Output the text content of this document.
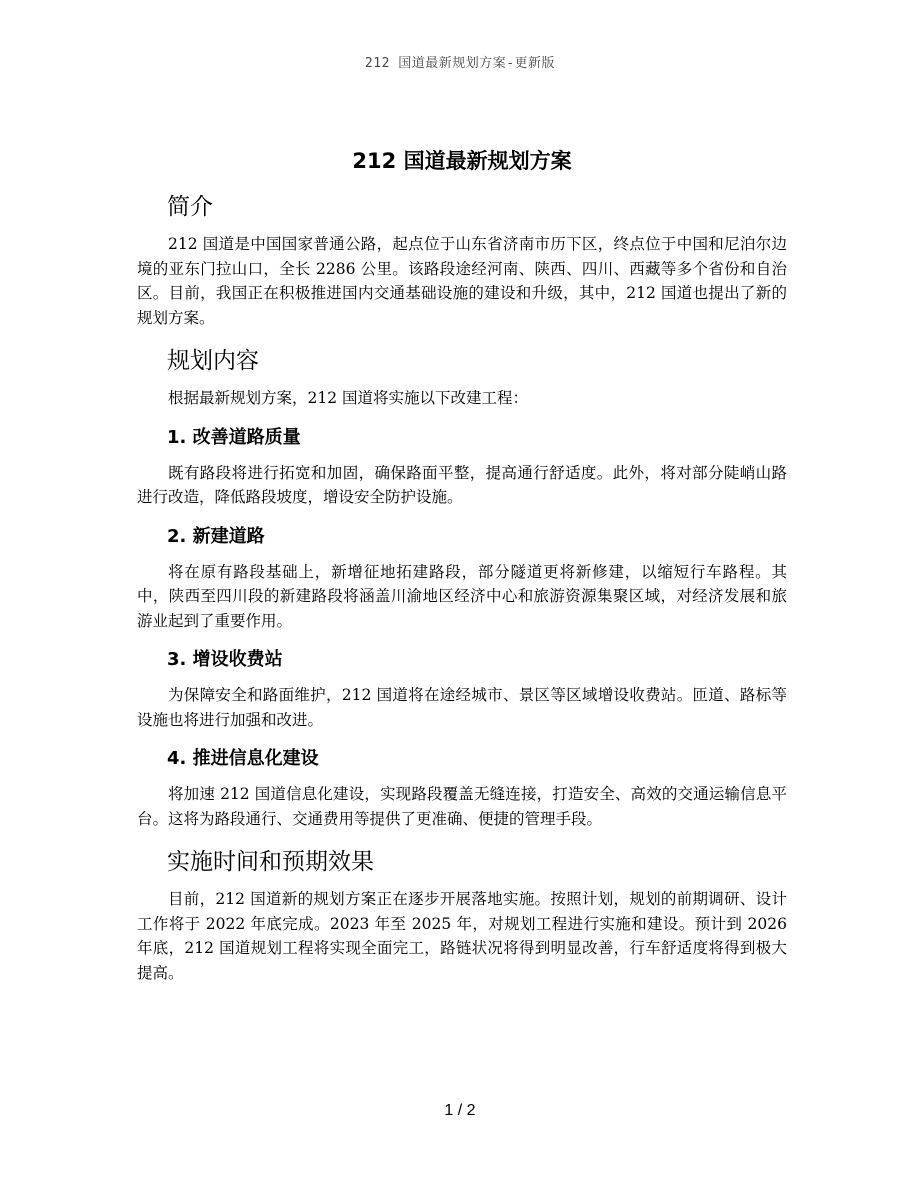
212 国道最新规划方案-更新版
212 国道最新规划方案
简介

212 国道是中国国家普通公路，起点位于山东省济南市历下区，终点位于中国和尼泊尔边境的亚东门拉山口，全长 2286 公里。该路段途经河南、陕西、四川、西藏等多个省份和自治区。目前，我国正在积极推进国内交通基础设施的建设和升级，其中，212 国道也提出了新的规划方案。

规划内容

根据最新规划方案，212 国道将实施以下改建工程：

1. 改善道路质量

既有路段将进行拓宽和加固，确保路面平整，提高通行舒适度。此外，将对部分陡峭山路进行改造，降低路段坡度，增设安全防护设施。

2. 新建道路

将在原有路段基础上，新增征地拓建路段，部分隧道更将新修建，以缩短行车路程。其中，陕西至四川段的新建路段将涵盖川渝地区经济中心和旅游资源集聚区域，对经济发展和旅游业起到了重要作用。

3. 增设收费站

为保障安全和路面维护，212 国道将在途经城市、景区等区域增设收费站。匝道、路标等设施也将进行加强和改进。

4. 推进信息化建设

将加速 212 国道信息化建设，实现路段覆盖无缝连接，打造安全、高效的交通运输信息平台。这将为路段通行、交通费用等提供了更准确、便捷的管理手段。

实施时间和预期效果

目前，212 国道新的规划方案正在逐步开展落地实施。按照计划，规划的前期调研、设计工作将于 2022 年底完成。2023 年至 2025 年，对规划工程进行实施和建设。预计到 2026 年底，212 国道规划工程将实现全面完工，路链状况将得到明显改善，行车舒适度将得到极大提高。

1 / 2
